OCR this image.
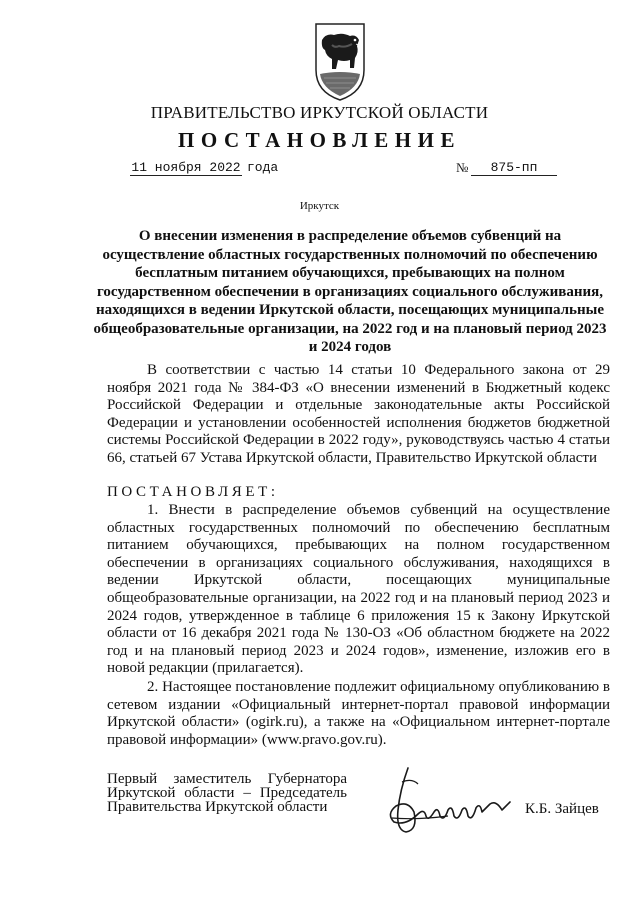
ПРАВИТЕЛЬСТВО ИРКУТСКОЙ ОБЛАСТИ
ПОСТАНОВЛЕНИЕ
11 ноября 2022 года	№	875-пп
Иркутск
О внесении изменения в распределение объемов субвенций на осуществление областных государственных полномочий по обеспечению бесплатным питанием обучающихся, пребывающих на полном государственном обеспечении в организациях социального обслуживания, находящихся в ведении Иркутской области, посещающих муниципальные общеобразовательные организации, на 2022 год и на плановый период 2023 и 2024 годов
В соответствии с частью 14 статьи 10 Федерального закона от 29 ноября 2021 года № 384-ФЗ «О внесении изменений в Бюджетный кодекс Российской Федерации и отдельные законодательные акты Российской Федерации и установлении особенностей исполнения бюджетов бюджетной системы Российской Федерации в 2022 году», руководствуясь частью 4 статьи 66, статьей 67 Устава Иркутской области, Правительство Иркутской области
ПОСТАНОВЛЯЕТ:
1. Внести в распределение объемов субвенций на осуществление областных государственных полномочий по обеспечению бесплатным питанием обучающихся, пребывающих на полном государственном обеспечении в организациях социального обслуживания, находящихся в ведении Иркутской области, посещающих муниципальные общеобразовательные организации, на 2022 год и на плановый период 2023 и 2024 годов, утвержденное в таблице 6 приложения 15 к Закону Иркутской области от 16 декабря 2021 года № 130-ОЗ «Об областном бюджете на 2022 год и на плановый период 2023 и 2024 годов», изменение, изложив его в новой редакции (прилагается).
2. Настоящее постановление подлежит официальному опубликованию в сетевом издании «Официальный интернет-портал правовой информации Иркутской области» (ogirk.ru), а также на «Официальном интернет-портале правовой информации» (www.pravo.gov.ru).
Первый заместитель Губернатора
Иркутской области – Председатель
Правительства Иркутской области	К.Б. Зайцев
